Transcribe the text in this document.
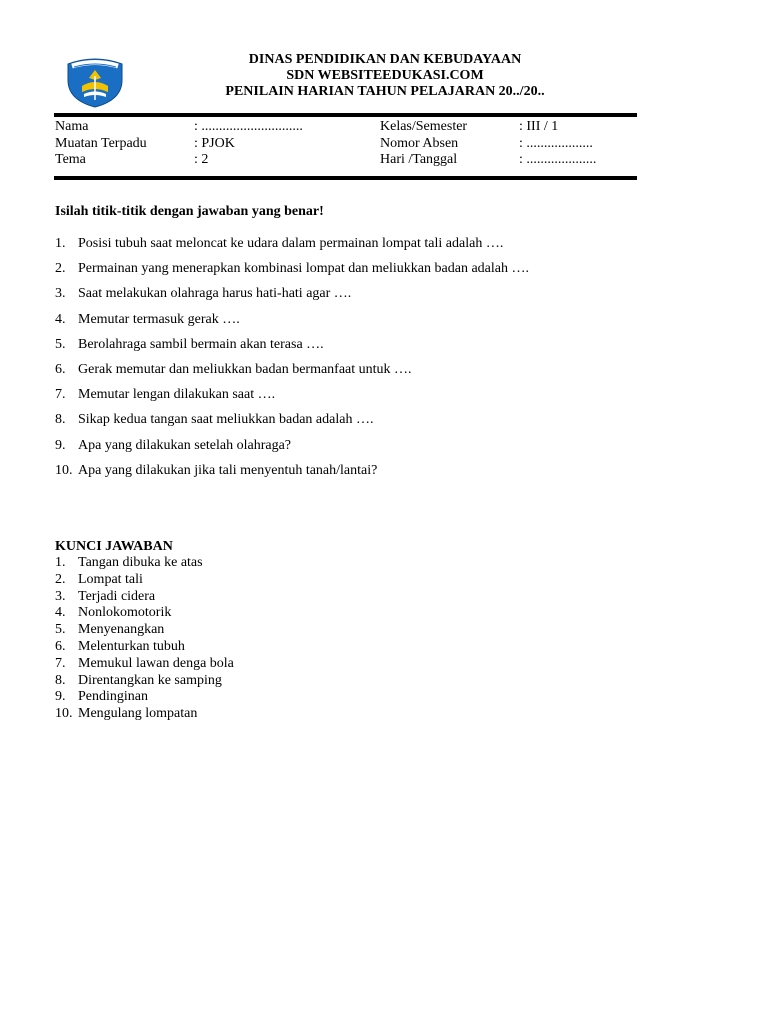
DINAS PENDIDIKAN DAN KEBUDAYAAN
SDN WEBSITEEDUKASI.COM
PENILAIN HARIAN TAHUN PELAJARAN 20../20..
Nama
Muatan Terpadu
Tema
: .............................
: PJOK
: 2
Kelas/Semester
Nomor Absen
Hari /Tanggal
: III / 1
: ...................
: ....................
Isilah titik-titik dengan jawaban yang benar!
1. Posisi tubuh saat meloncat ke udara dalam permainan lompat tali adalah ….
2. Permainan yang menerapkan kombinasi lompat dan meliukkan badan adalah ….
3. Saat melakukan olahraga harus hati-hati agar ….
4. Memutar termasuk gerak ….
5. Berolahraga sambil bermain akan terasa ….
6. Gerak memutar dan meliukkan badan bermanfaat untuk ….
7. Memutar lengan dilakukan saat ….
8. Sikap kedua tangan saat meliukkan badan adalah ….
9. Apa yang dilakukan setelah olahraga?
10. Apa yang dilakukan jika tali menyentuh tanah/lantai?
KUNCI JAWABAN
1. Tangan dibuka ke atas
2. Lompat tali
3. Terjadi cidera
4. Nonlokomotorik
5. Menyenangkan
6. Melenturkan tubuh
7. Memukul lawan denga bola
8. Direntangkan ke samping
9. Pendinginan
10. Mengulang lompatan
